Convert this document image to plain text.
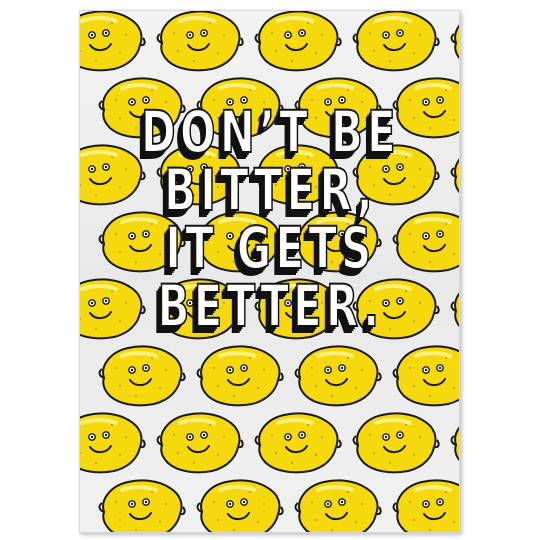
DON’T BE
BITTER,
IT GETS
BETTER.
